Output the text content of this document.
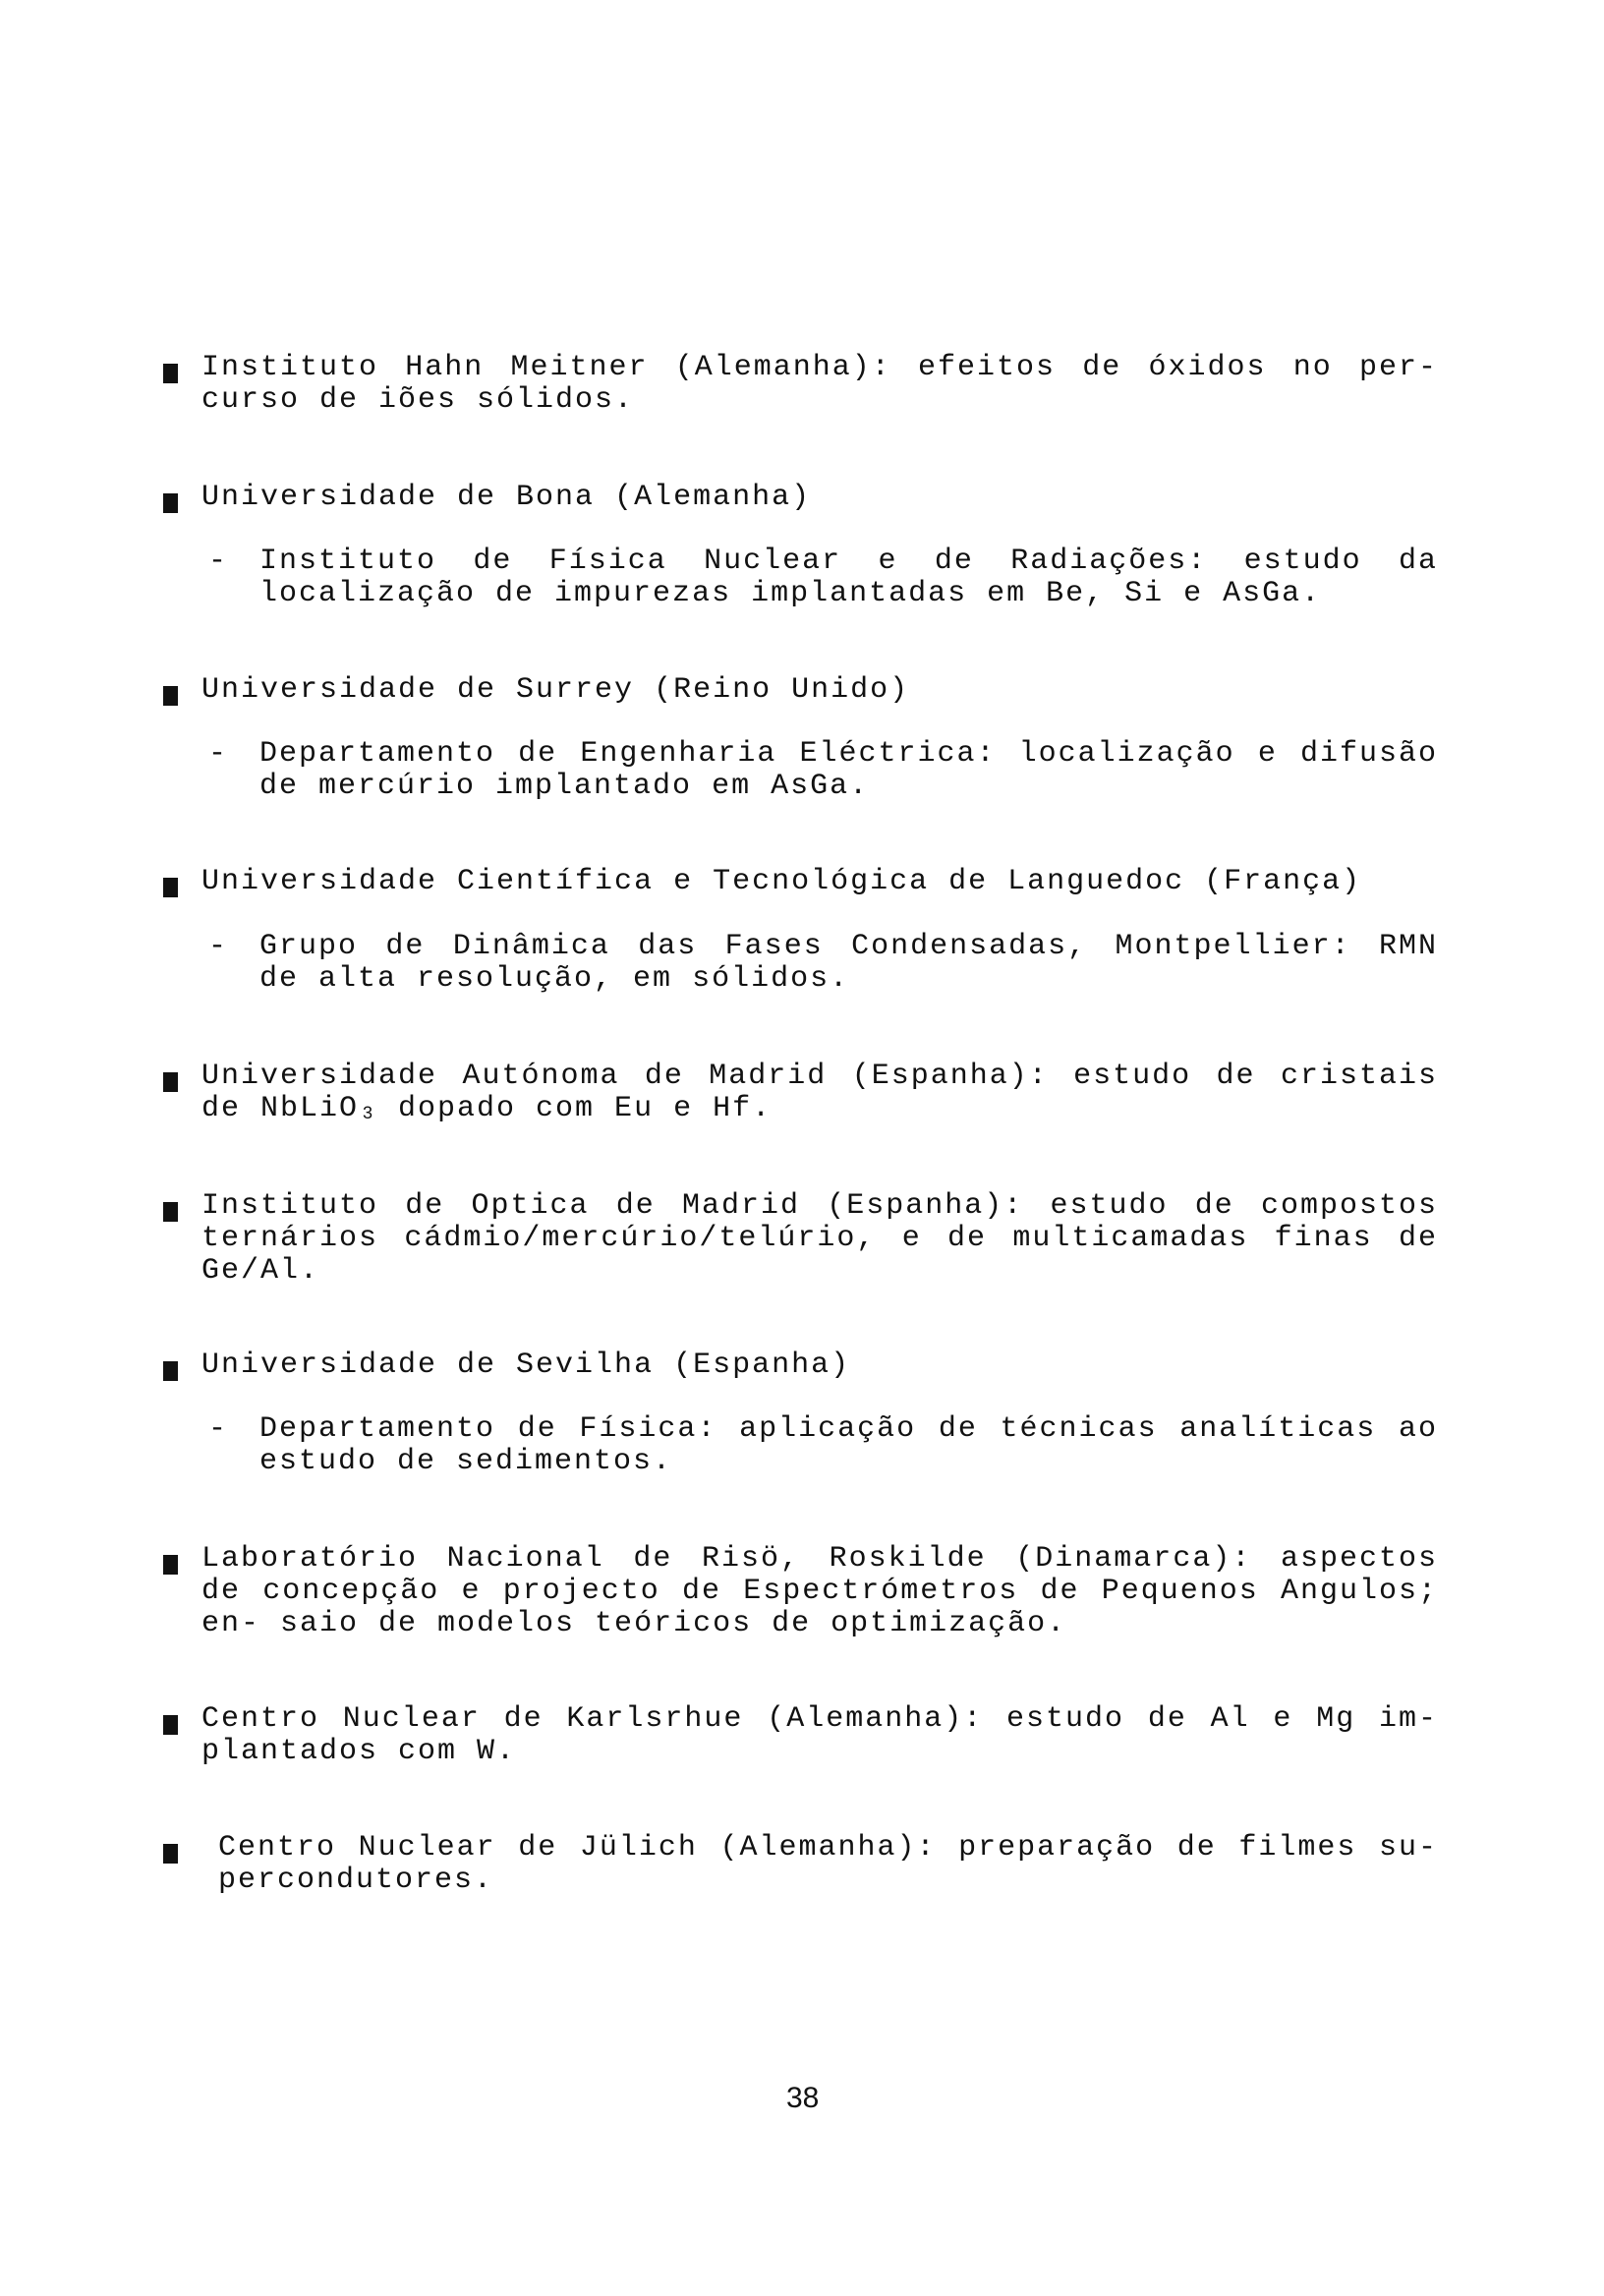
Instituto Hahn Meitner (Alemanha): efeitos de óxidos no per- curso de iões sólidos.
Universidade de Bona (Alemanha)
- Instituto de Física Nuclear e de Radiações: estudo da localização de impurezas implantadas em Be, Si e AsGa.
Universidade de Surrey (Reino Unido)
- Departamento de Engenharia Eléctrica: localização e difusão de mercúrio implantado em AsGa.
Universidade Científica e Tecnológica de Languedoc (França)
- Grupo de Dinâmica das Fases Condensadas, Montpellier: RMN de alta resolução, em sólidos.
Universidade Autónoma de Madrid (Espanha): estudo de cristais de NbLiO₃ dopado com Eu e Hf.
Instituto de Optica de Madrid (Espanha): estudo de compostos ternários cádmio/mercúrio/telúrio, e de multicamadas finas de Ge/Al.
Universidade de Sevilha (Espanha)
- Departamento de Física: aplicação de técnicas analíticas ao estudo de sedimentos.
Laboratório Nacional de Risö, Roskilde (Dinamarca): aspectos de concepção e projecto de Espectrómetros de Pequenos Angulos; en- saio de modelos teóricos de optimização.
Centro Nuclear de Karlsrhue (Alemanha): estudo de Al e Mg im- plantados com W.
Centro Nuclear de Jülich (Alemanha): preparação de filmes su- percondutores.
38
